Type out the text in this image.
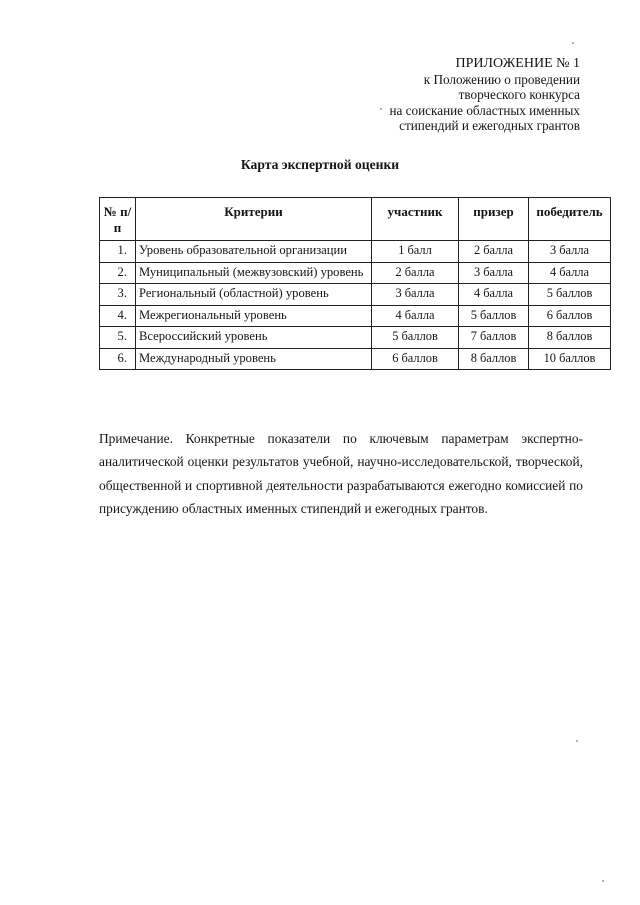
ПРИЛОЖЕНИЕ № 1
к Положению о проведении
творческого конкурса
на соискание областных именных
стипендий и ежегодных грантов
Карта экспертной оценки
№ п/п	Критерии	участник	призер	победитель
1.	Уровень образовательной организации	1 балл	2 балла	3 балла
2.	Муниципальный (межвузовский) уровень	2 балла	3 балла	4 балла
3.	Региональный (областной) уровень	3 балла	4 балла	5 баллов
4.	Межрегиональный уровень	4 балла	5 баллов	6 баллов
5.	Всероссийский уровень	5 баллов	7 баллов	8 баллов
6.	Международный уровень	6 баллов	8 баллов	10 баллов
Примечание. Конкретные показатели по ключевым параметрам экспертно-аналитической оценки результатов учебной, научно-исследовательской, творческой, общественной и спортивной деятельности разрабатываются ежегодно комиссией по присуждению областных именных стипендий и ежегодных грантов.
